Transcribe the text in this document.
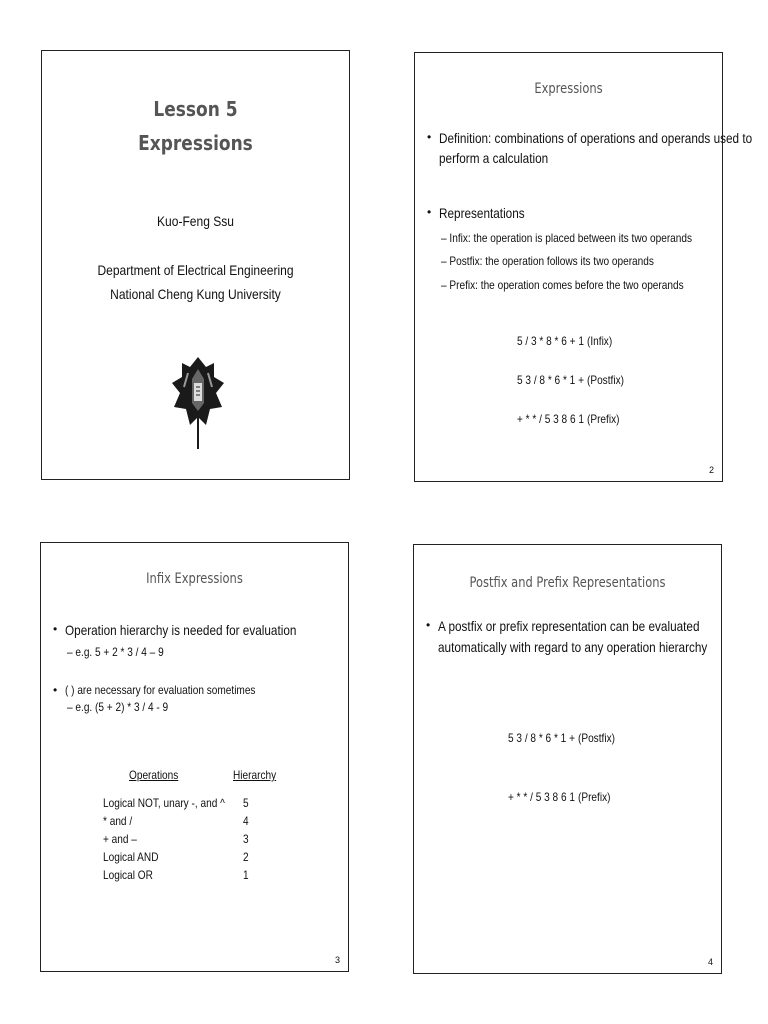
Lesson 5
Expressions
Kuo-Feng Ssu
Department of Electrical Engineering
National Cheng Kung University
Expressions
• Definition: combinations of operations and operands used to
perform a calculation
• Representations
– Infix: the operation is placed between its two operands
– Postfix: the operation follows its two operands
– Prefix: the operation comes before the two operands
5 / 3 * 8 * 6 + 1 (Infix)
5 3 / 8 * 6 * 1 + (Postfix)
+ * * / 5 3 8 6 1 (Prefix)
2
Infix Expressions
• Operation hierarchy is needed for evaluation
– e.g. 5 + 2 * 3 / 4 – 9
• ( ) are necessary for evaluation sometimes
– e.g. (5 + 2) * 3 / 4 - 9
Operations	Hierarchy
Logical NOT, unary -, and ^ 5
* and /	4
+ and –	3
Logical AND	2
Logical OR	1
3
Postfix and Prefix Representations
• A postfix or prefix representation can be evaluated
automatically with regard to any operation hierarchy
5 3 / 8 * 6 * 1 + (Postfix)
+ * * / 5 3 8 6 1 (Prefix)
4
